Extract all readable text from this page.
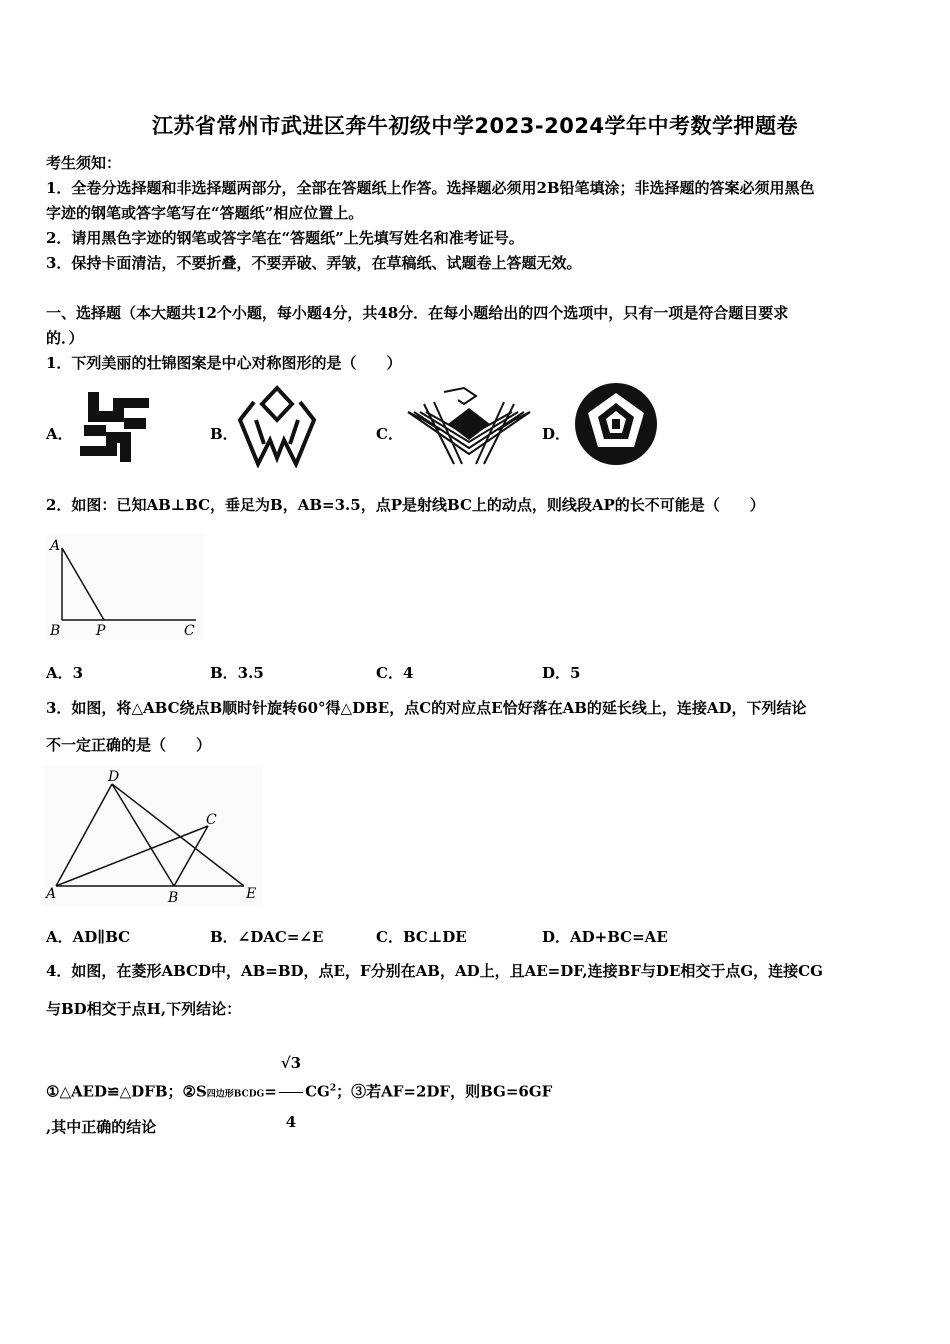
江苏省常州市武进区奔牛初级中学2023-2024学年中考数学押题卷
考生须知：
1．全卷分选择题和非选择题两部分，全部在答题纸上作答。选择题必须用2B铅笔填涂；非选择题的答案必须用黑色
字迹的钢笔或答字笔写在“答题纸”相应位置上。
2．请用黑色字迹的钢笔或答字笔在“答题纸”上先填写姓名和准考证号。
3．保持卡面清洁，不要折叠，不要弄破、弄皱，在草稿纸、试题卷上答题无效。
一、选择题（本大题共12个小题，每小题4分，共48分．在每小题给出的四个选项中，只有一项是符合题目要求
的．）
1．下列美丽的壮锦图案是中心对称图形的是（　　）
A．	B．	C．	D．
2．如图：已知AB⊥BC，垂足为B，AB=3.5，点P是射线BC上的动点，则线段AP的长不可能是（　　）
A
B	P	C
A．3	B．3.5	C．4	D．5
3．如图，将△ABC绕点B顺时针旋转60°得△DBE，点C的对应点E恰好落在AB的延长线上，连接AD，下列结论
不一定正确的是（　　）
D
C
A	B	E
A．AD∥BC	B．∠DAC=∠E	C．BC⊥DE	D．AD+BC=AE
4．如图，在菱形ABCD中，AB=BD，点E，F分别在AB，AD上，且AE=DF,连接BF与DE相交于点G，连接CG
与BD相交于点H,下列结论：
①△AED≌△DFB；②S四边形BCDG= $\frac{√3}{4} CG^2$；③若AF=2DF，则BG=6GF
,其中正确的结论
